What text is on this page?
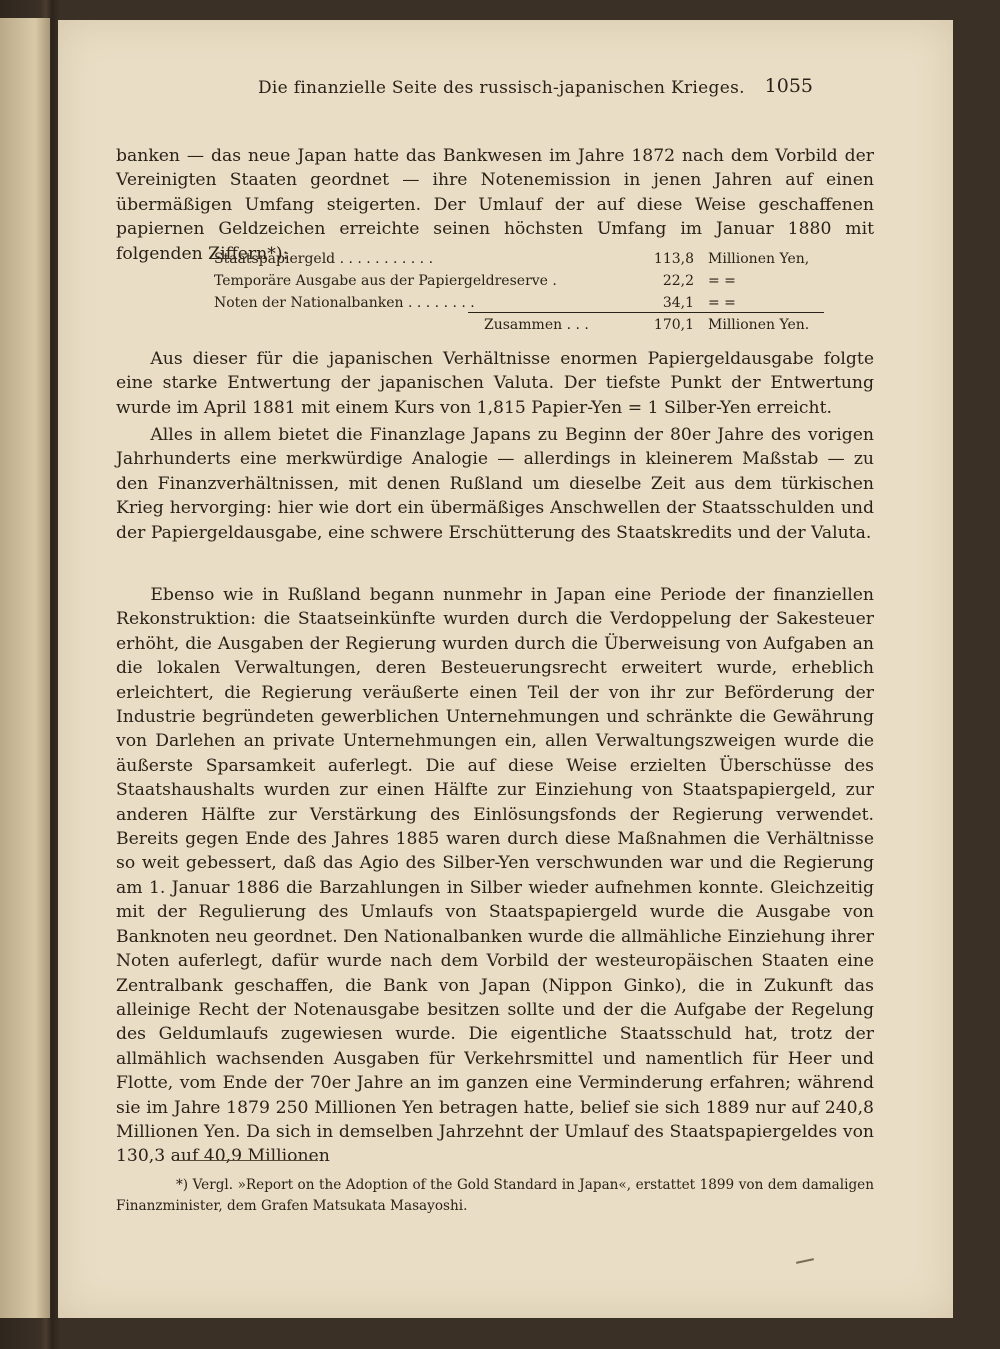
Die finanzielle Seite des russisch-japanischen Krieges.	1055
banken — das neue Japan hatte das Bankwesen im Jahre 1872 nach dem Vorbild der Vereinigten Staaten geordnet — ihre Notenemission in jenen Jahren auf einen übermäßigen Umfang steigerten. Der Umlauf der auf diese Weise geschaffenen papiernen Geldzeichen erreichte seinen höchsten Umfang im Januar 1880 mit folgenden Ziffern*):
Staatspapiergeld . . . . . . . . . . .	113,8	Millionen Yen,
Temporäre Ausgabe aus der Papiergeldreserve .	22,2	= =
Noten der Nationalbanken . . . . . . . .	34,1	= =
Zusammen . . .	170,1	Millionen Yen.
Aus dieser für die japanischen Verhältnisse enormen Papiergeldausgabe folgte eine starke Entwertung der japanischen Valuta. Der tiefste Punkt der Entwertung wurde im April 1881 mit einem Kurs von 1,815 Papier-Yen = 1 Silber-Yen erreicht.
Alles in allem bietet die Finanzlage Japans zu Beginn der 80er Jahre des vorigen Jahrhunderts eine merkwürdige Analogie — allerdings in kleinerem Maßstab — zu den Finanzverhältnissen, mit denen Rußland um dieselbe Zeit aus dem türkischen Krieg hervorging: hier wie dort ein übermäßiges Anschwellen der Staatsschulden und der Papiergeldausgabe, eine schwere Erschütterung des Staatskredits und der Valuta.
Ebenso wie in Rußland begann nunmehr in Japan eine Periode der finanziellen Rekonstruktion: die Staatseinkünfte wurden durch die Verdoppelung der Sakesteuer erhöht, die Ausgaben der Regierung wurden durch die Überweisung von Aufgaben an die lokalen Verwaltungen, deren Besteuerungsrecht erweitert wurde, erheblich erleichtert, die Regierung veräußerte einen Teil der von ihr zur Beförderung der Industrie begründeten gewerblichen Unternehmungen und schränkte die Gewährung von Darlehen an private Unternehmungen ein, allen Verwaltungszweigen wurde die äußerste Sparsamkeit auferlegt. Die auf diese Weise erzielten Überschüsse des Staatshaushalts wurden zur einen Hälfte zur Einziehung von Staatspapiergeld, zur anderen Hälfte zur Verstärkung des Einlösungsfonds der Regierung verwendet. Bereits gegen Ende des Jahres 1885 waren durch diese Maßnahmen die Verhältnisse so weit gebessert, daß das Agio des Silber-Yen verschwunden war und die Regierung am 1. Januar 1886 die Barzahlungen in Silber wieder aufnehmen konnte. Gleichzeitig mit der Regulierung des Umlaufs von Staatspapiergeld wurde die Ausgabe von Banknoten neu geordnet. Den Nationalbanken wurde die allmähliche Einziehung ihrer Noten auferlegt, dafür wurde nach dem Vorbild der westeuropäischen Staaten eine Zentralbank geschaffen, die Bank von Japan (Nippon Ginko), die in Zukunft das alleinige Recht der Notenausgabe besitzen sollte und der die Aufgabe der Regelung des Geldumlaufs zugewiesen wurde. Die eigentliche Staatsschuld hat, trotz der allmählich wachsenden Ausgaben für Verkehrsmittel und namentlich für Heer und Flotte, vom Ende der 70er Jahre an im ganzen eine Verminderung erfahren; während sie im Jahre 1879 250 Millionen Yen betragen hatte, belief sie sich 1889 nur auf 240,8 Millionen Yen. Da sich in demselben Jahrzehnt der Umlauf des Staatspapiergeldes von 130,3 auf 40,9 Millionen
*) Vergl. »Report on the Adoption of the Gold Standard in Japan«, erstattet 1899 von dem damaligen Finanzminister, dem Grafen Matsukata Masayoshi.
